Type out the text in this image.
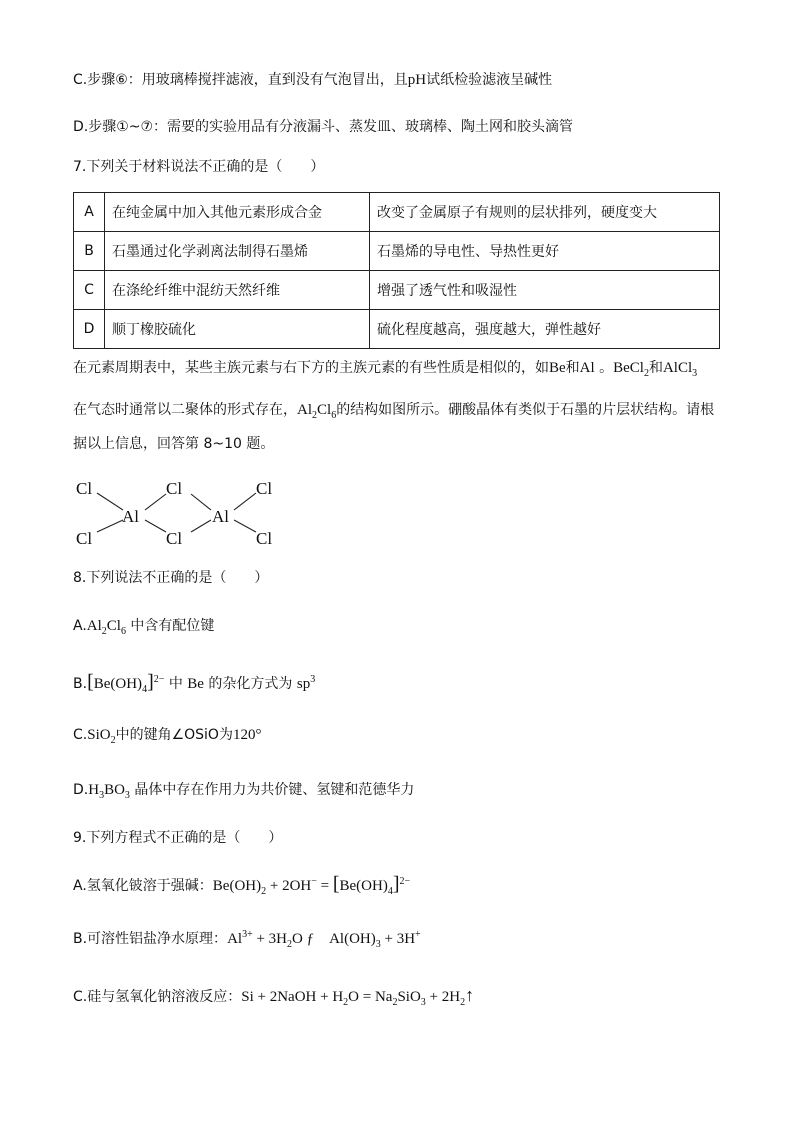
C.步骤⑥：用玻璃棒搅拌滤液，直到没有气泡冒出，且pH试纸检验滤液呈碱性
D.步骤①~⑦：需要的实验用品有分液漏斗、蒸发皿、玻璃棒、陶土网和胶头滴管
7.下列关于材料说法不正确的是（　　）
A	在纯金属中加入其他元素形成合金	改变了金属原子有规则的层状排列，硬度变大
B	石墨通过化学剥离法制得石墨烯	石墨烯的导电性、导热性更好
C	在涤纶纤维中混纺天然纤维	增强了透气性和吸湿性
D	顺丁橡胶硫化	硫化程度越高，强度越大，弹性越好
在元素周期表中，某些主族元素与右下方的主族元素的有些性质是相似的，如Be和Al 。BeCl$_2$和AlCl$_3$
在气态时通常以二聚体的形式存在，$Al_2Cl_6$的结构如图所示。硼酸晶体有类似于石墨的片层状结构。请根
据以上信息，回答第 8~10 题。
Cl
Cl
Al
Cl
Cl
Al
Cl
Cl
8.下列说法不正确的是（　　）
$A.Al_2Cl_6$ 中含有配位键
$B.[Be(OH)_4]^{2-}$ 中 Be 的杂化方式为 $sp^3$
C.SiO$_2$中的键角∠OSiO为120°
$D.H_3BO_3$ 晶体中存在作用力为共价键、氢键和范德华力
9.下列方程式不正确的是（　　）
A.氢氧化铍溶于强碱：$Be(OH)_2 + 2OH^- = [Be(OH)_4]^{2-}$
B.可溶性铝盐净水原理：$Al^{3+} + 3H_2O$ ƒ　$Al(OH)_3 + 3H^+$
C.硅与氢氧化钠溶液反应：Si + 2NaOH + $H_2O = Na_2SiO_3$ + $2H_2↑$
